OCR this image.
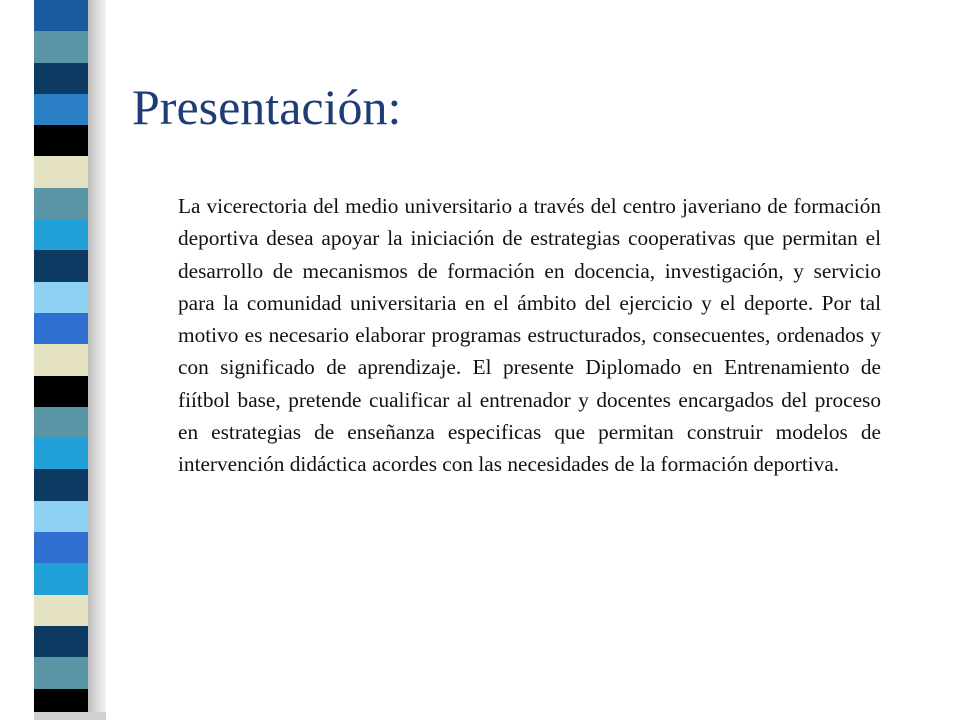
Presentación:

La vicerectoria del medio universitario a través del centro javeriano de formación deportiva desea apoyar la iniciación de estrategias cooperativas que permitan el desarrollo de mecanismos de formación en docencia, investigación, y servicio para la comunidad universitaria en el ámbito del ejercicio y el deporte. Por tal motivo es necesario elaborar programas estructurados, consecuentes, ordenados y con significado de aprendizaje. El presente Diplomado en Entrenamiento de fiítbol base, pretende cualificar al entrenador y docentes encargados del proceso en estrategias de enseñanza especificas que permitan construir modelos de intervención didáctica acordes con las necesidades de la formación deportiva.
